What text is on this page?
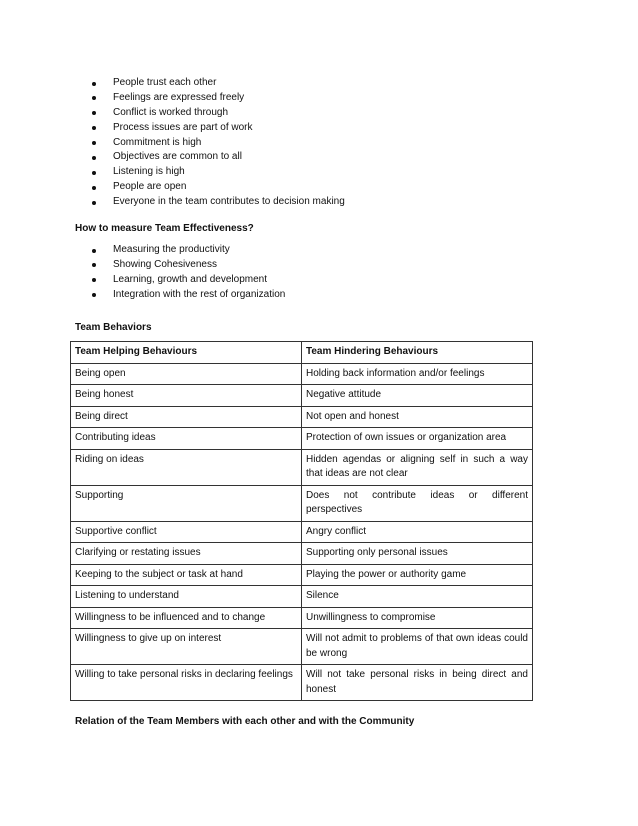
People trust each other
Feelings are expressed freely
Conflict is worked through
Process issues are part of work
Commitment is high
Objectives are common to all
Listening is high
People are open
Everyone in the team contributes to decision making
How to measure Team Effectiveness?
Measuring the productivity
Showing Cohesiveness
Learning, growth and development
Integration with the rest of organization
Team Behaviors
Team Helping Behaviours	Team Hindering Behaviours
Being open	Holding back information and/or feelings
Being honest	Negative attitude
Being direct	Not open and honest
Contributing ideas	Protection of own issues or organization area
Riding on ideas	Hidden agendas or aligning self in such a way that ideas are not clear
Supporting	Does not contribute ideas or different perspectives
Supportive conflict	Angry conflict
Clarifying or restating issues	Supporting only personal issues
Keeping to the subject or task at hand	Playing the power or authority game
Listening to understand	Silence
Willingness to be influenced and to change	Unwillingness to compromise
Willingness to give up on interest	Will not admit to problems of that own ideas could be wrong
Willing to take personal risks in declaring feelings	Will not take personal risks in being direct and honest
Relation of the Team Members with each other and with the Community
